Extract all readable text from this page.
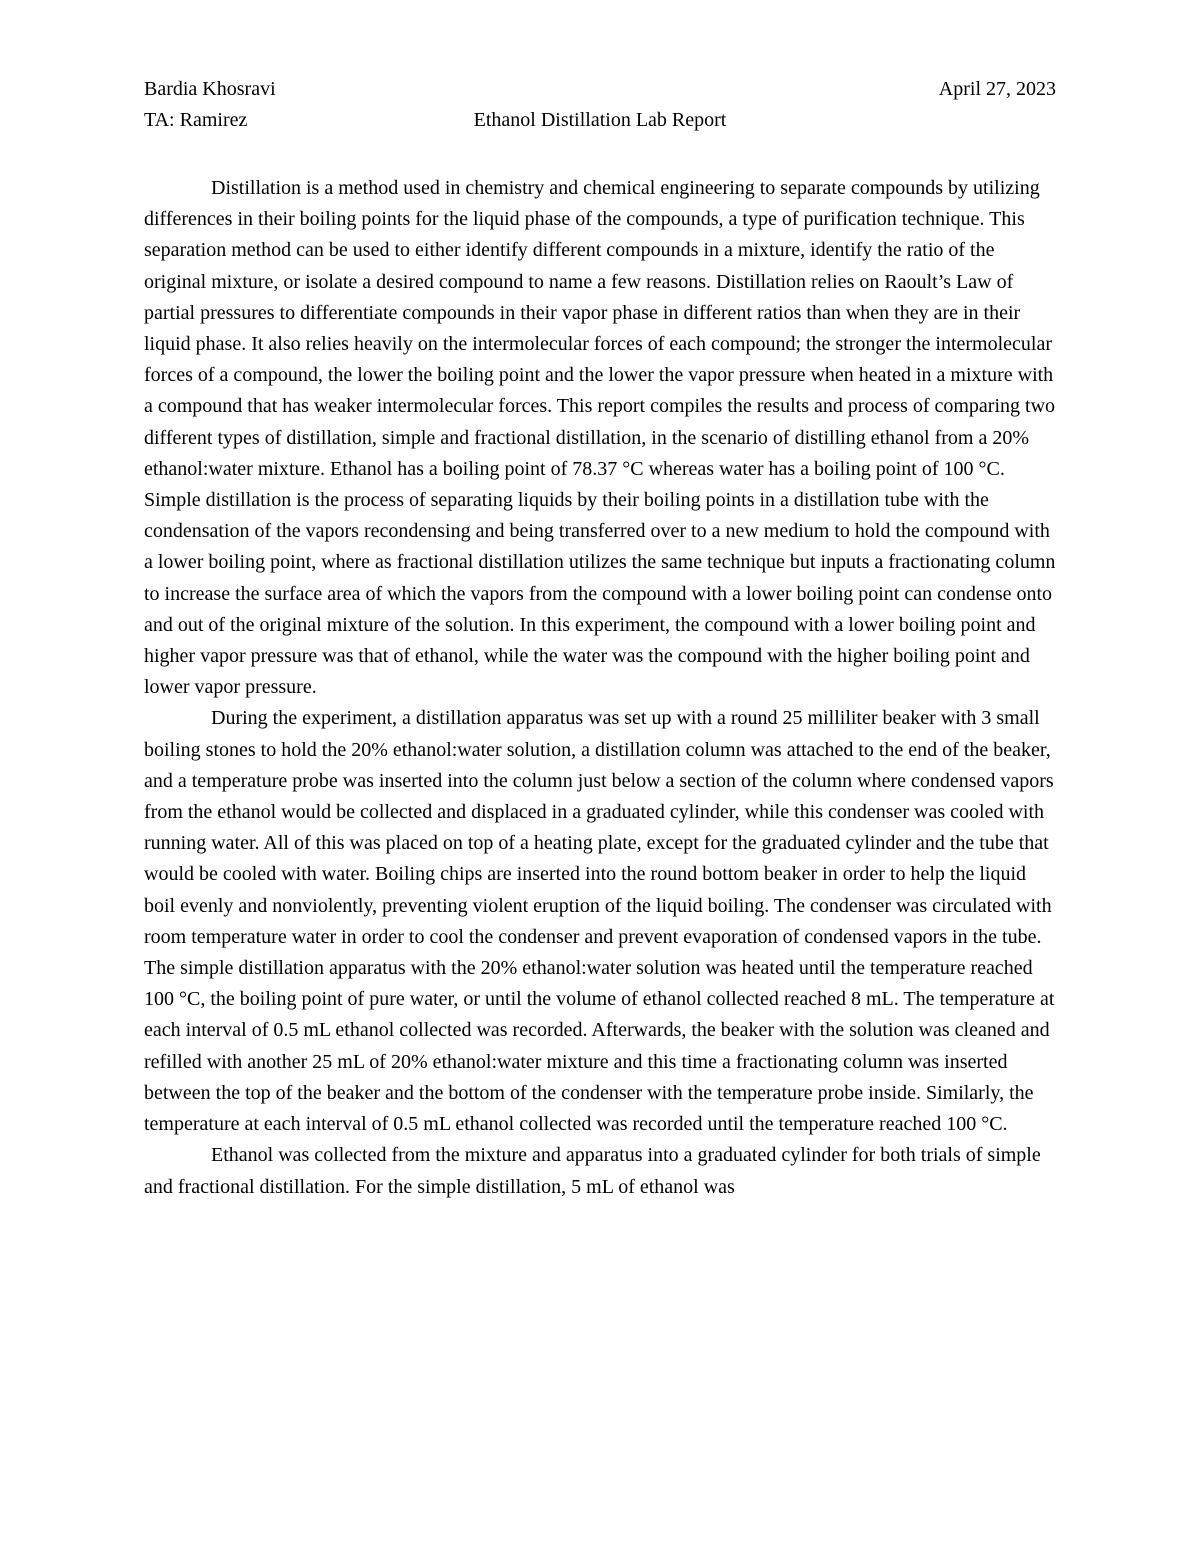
Bardia Khosravi	April 27, 2023
TA: Ramirez	Ethanol Distillation Lab Report

Distillation is a method used in chemistry and chemical engineering to separate compounds by utilizing differences in their boiling points for the liquid phase of the compounds, a type of purification technique. This separation method can be used to either identify different compounds in a mixture, identify the ratio of the original mixture, or isolate a desired compound to name a few reasons. Distillation relies on Raoult’s Law of partial pressures to differentiate compounds in their vapor phase in different ratios than when they are in their liquid phase. It also relies heavily on the intermolecular forces of each compound; the stronger the intermolecular forces of a compound, the lower the boiling point and the lower the vapor pressure when heated in a mixture with a compound that has weaker intermolecular forces. This report compiles the results and process of comparing two different types of distillation, simple and fractional distillation, in the scenario of distilling ethanol from a 20% ethanol:water mixture. Ethanol has a boiling point of 78.37 °C whereas water has a boiling point of 100 °C. Simple distillation is the process of separating liquids by their boiling points in a distillation tube with the condensation of the vapors recondensing and being transferred over to a new medium to hold the compound with a lower boiling point, where as fractional distillation utilizes the same technique but inputs a fractionating column to increase the surface area of which the vapors from the compound with a lower boiling point can condense onto and out of the original mixture of the solution. In this experiment, the compound with a lower boiling point and higher vapor pressure was that of ethanol, while the water was the compound with the higher boiling point and lower vapor pressure.

During the experiment, a distillation apparatus was set up with a round 25 milliliter beaker with 3 small boiling stones to hold the 20% ethanol:water solution, a distillation column was attached to the end of the beaker, and a temperature probe was inserted into the column just below a section of the column where condensed vapors from the ethanol would be collected and displaced in a graduated cylinder, while this condenser was cooled with running water. All of this was placed on top of a heating plate, except for the graduated cylinder and the tube that would be cooled with water. Boiling chips are inserted into the round bottom beaker in order to help the liquid boil evenly and nonviolently, preventing violent eruption of the liquid boiling. The condenser was circulated with room temperature water in order to cool the condenser and prevent evaporation of condensed vapors in the tube. The simple distillation apparatus with the 20% ethanol:water solution was heated until the temperature reached 100 °C, the boiling point of pure water, or until the volume of ethanol collected reached 8 mL. The temperature at each interval of 0.5 mL ethanol collected was recorded. Afterwards, the beaker with the solution was cleaned and refilled with another 25 mL of 20% ethanol:water mixture and this time a fractionating column was inserted between the top of the beaker and the bottom of the condenser with the temperature probe inside. Similarly, the temperature at each interval of 0.5 mL ethanol collected was recorded until the temperature reached 100 °C.

Ethanol was collected from the mixture and apparatus into a graduated cylinder for both trials of simple and fractional distillation. For the simple distillation, 5 mL of ethanol was
